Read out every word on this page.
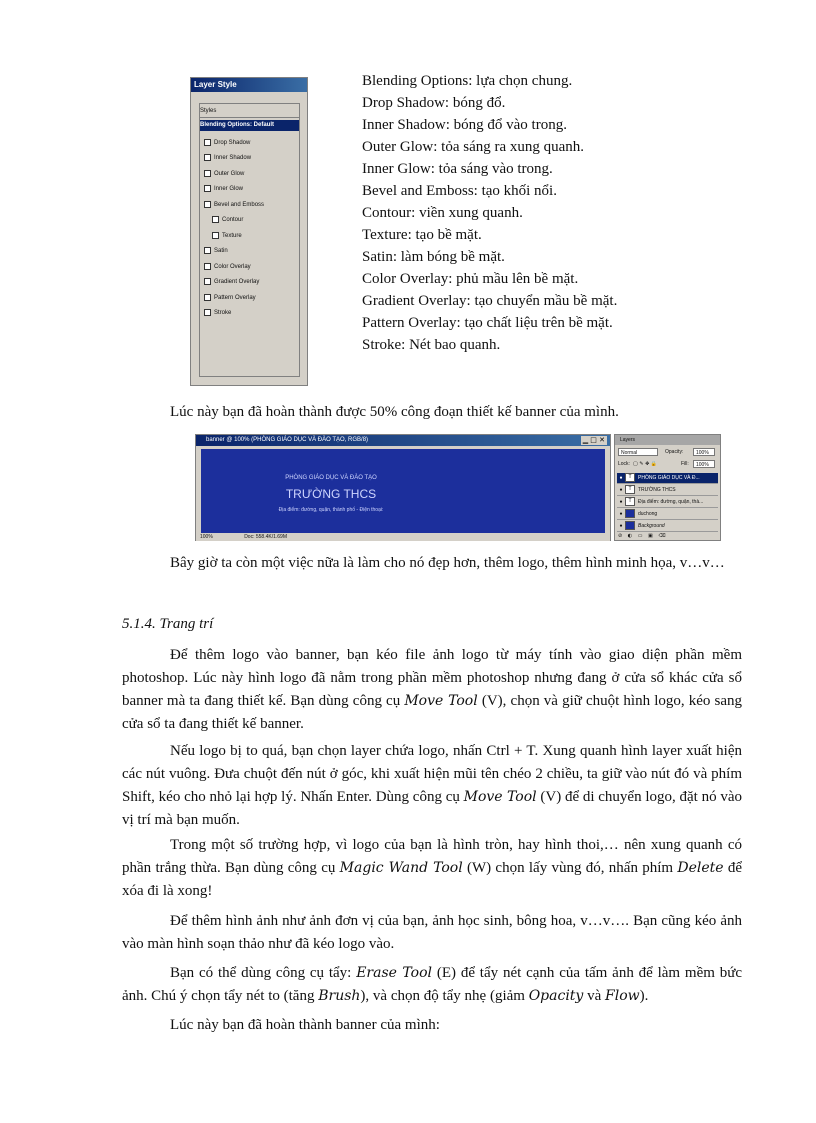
Layer Style
Styles
Blending Options: Default
Drop Shadow
Inner Shadow
Outer Glow
Inner Glow
Bevel and Emboss
Contour
Texture
Satin
Color Overlay
Gradient Overlay
Pattern Overlay
Stroke
Blending Options: lựa chọn chung.
Drop Shadow: bóng đổ.
Inner Shadow: bóng đổ vào trong.
Outer Glow: tỏa sáng ra xung quanh.
Inner Glow: tỏa sáng vào trong.
Bevel and Emboss: tạo khối nổi.
Contour: viền xung quanh.
Texture: tạo bề mặt.
Satin: làm bóng bề mặt.
Color Overlay: phủ mầu lên bề mặt.
Gradient Overlay: tạo chuyển mầu bề mặt.
Pattern Overlay: tạo chất liệu trên bề mặt.
Stroke: Nét bao quanh.
Lúc này bạn đã hoàn thành được 50% công đoạn thiết kế banner của mình.
banner @ 100% (PHÒNG GIÁO DỤC VÀ ĐÀO TẠO, RGB/8)	▁ □ ✕
PHÒNG GIÁO DỤC VÀ ĐÀO TẠO
TRƯỜNG THCS
Địa điểm: đường, quận, thành phố - Điện thoại:
100%	Doc: 558.4K/1.69M
Layers
Normal	Opacity:	100%
Lock: ▢ ✎ ✥ 🔒	Fill:	100%
● T PHÒNG GIÁO DỤC VÀ Đ...
● T TRƯỜNG THCS
● T Địa điểm: đường, quận, thà...
●	duchong
●	Background
⊘ ◐ ▭ ▣ ⌫
Bây giờ ta còn một việc nữa là làm cho nó đẹp hơn, thêm logo, thêm hình minh họa, v…v…
5.1.4. Trang trí
Để thêm logo vào banner, bạn kéo file ảnh logo từ máy tính vào giao diện phần mềm photoshop. Lúc này hình logo đã nằm trong phần mềm photoshop nhưng đang ở cửa sổ khác cửa sổ banner mà ta đang thiết kế. Bạn dùng công cụ Move Tool (V), chọn và giữ chuột hình logo, kéo sang cửa sổ ta đang thiết kế banner.
Nếu logo bị to quá, bạn chọn layer chứa logo, nhấn Ctrl + T. Xung quanh hình layer xuất hiện các nút vuông. Đưa chuột đến nút ở góc, khi xuất hiện mũi tên chéo 2 chiều, ta giữ vào nút đó và phím Shift, kéo cho nhỏ lại hợp lý. Nhấn Enter. Dùng công cụ Move Tool (V) để di chuyển logo, đặt nó vào vị trí mà bạn muốn.
Trong một số trường hợp, vì logo của bạn là hình tròn, hay hình thoi,… nên xung quanh có phần trắng thừa. Bạn dùng công cụ Magic Wand Tool (W) chọn lấy vùng đó, nhấn phím Delete để xóa đi là xong!
Để thêm hình ảnh như ảnh đơn vị của bạn, ảnh học sinh, bông hoa, v…v…. Bạn cũng kéo ảnh vào màn hình soạn thảo như đã kéo logo vào.
Bạn có thể dùng công cụ tẩy: Erase Tool (E) để tẩy nét cạnh của tấm ảnh để làm mềm bức ảnh. Chú ý chọn tẩy nét to (tăng Brush), và chọn độ tẩy nhẹ (giảm Opacity và Flow).
Lúc này bạn đã hoàn thành banner của mình:
